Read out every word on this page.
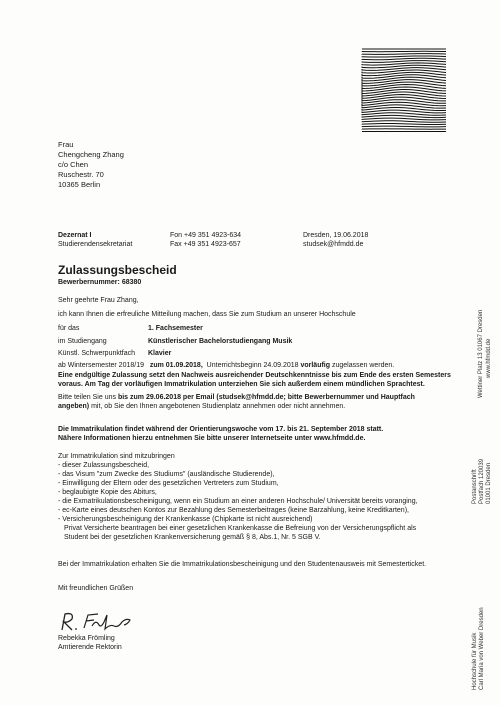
Frau
Chengcheng Zhang
c/o Chen
Ruschestr. 70
10365 Berlin
Dezernat I
Studierendensekretariat
Fon +49 351 4923-634
Fax +49 351 4923-657
Dresden, 19.06.2018
studsek@hfmdd.de
Zulassungsbescheid
Bewerbernummer: 68380
Sehr geehrte Frau Zhang,
ich kann Ihnen die erfreuliche Mitteilung machen, dass Sie zum Studium an unserer Hochschule
für das	1. Fachsemester
im Studiengang	Künstlerischer Bachelorstudiengang Musik
Künstl. Schwerpunktfach Klavier
ab Wintersemester 2018/19 zum 01.09.2018, Unterrichtsbeginn 24.09.2018 vorläufig zugelassen werden.
Eine endgültige Zulassung setzt den Nachweis ausreichender Deutschkenntnisse bis zum Ende des ersten Semesters
voraus. Am Tag der vorläufigen Immatrikulation unterziehen Sie sich außerdem einem mündlichen Sprachtest.
Bitte teilen Sie uns bis zum 29.06.2018 per Email (studsek@hfmdd.de; bitte Bewerbernummer und Hauptfach
angeben) mit, ob Sie den Ihnen angebotenen Studienplatz annehmen oder nicht annehmen.
Die Immatrikulation findet während der Orientierungswoche vom 17. bis 21. September 2018 statt.
Nähere Informationen hierzu entnehmen Sie bitte unserer Internetseite unter www.hfmdd.de.
Zur Immatrikulation sind mitzubringen
- dieser Zulassungsbescheid,
- das Visum "zum Zwecke des Studiums" (ausländische Studierende),
- Einwilligung der Eltern oder des gesetzlichen Vertreters zum Studium,
- beglaubigte Kopie des Abiturs,
- die Exmatrikulationsbescheinigung, wenn ein Studium an einer anderen Hochschule/ Universität bereits voranging,
- ec-Karte eines deutschen Kontos zur Bezahlung des Semesterbeitrages (keine Barzahlung, keine Kreditkarten),
- Versicherungsbescheinigung der Krankenkasse (Chipkarte ist nicht ausreichend)
Privat Versicherte beantragen bei einer gesetzlichen Krankenkasse die Befreiung von der Versicherungspflicht als
Student bei der gesetzlichen Krankenversicherung gemäß § 8, Abs.1, Nr. 5 SGB V.
Bei der Immatrikulation erhalten Sie die Immatrikulationsbescheinigung und den Studentenausweis mit Semesterticket.
Mit freundlichen Grüßen
Rebekka Frömling
Amtierende Rektorin
Wettiner Platz 13 01067 Dresden www.hfmdd.de
Postanschrift Postfach 120039 01001 Dresden
Hochschule für Musik Carl Maria von Weber Dresden
